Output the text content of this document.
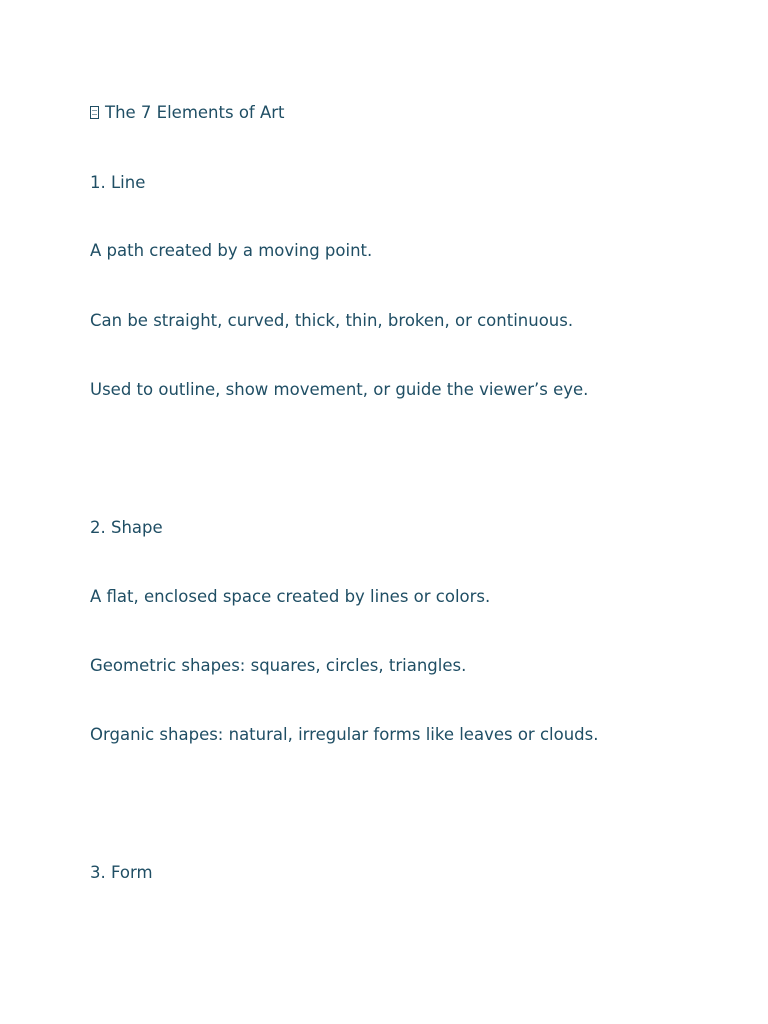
The 7 Elements of Art

1. Line

A path created by a moving point.

Can be straight, curved, thick, thin, broken, or continuous.

Used to outline, show movement, or guide the viewer’s eye.

2. Shape

A flat, enclosed space created by lines or colors.

Geometric shapes: squares, circles, triangles.

Organic shapes: natural, irregular forms like leaves or clouds.

3. Form
